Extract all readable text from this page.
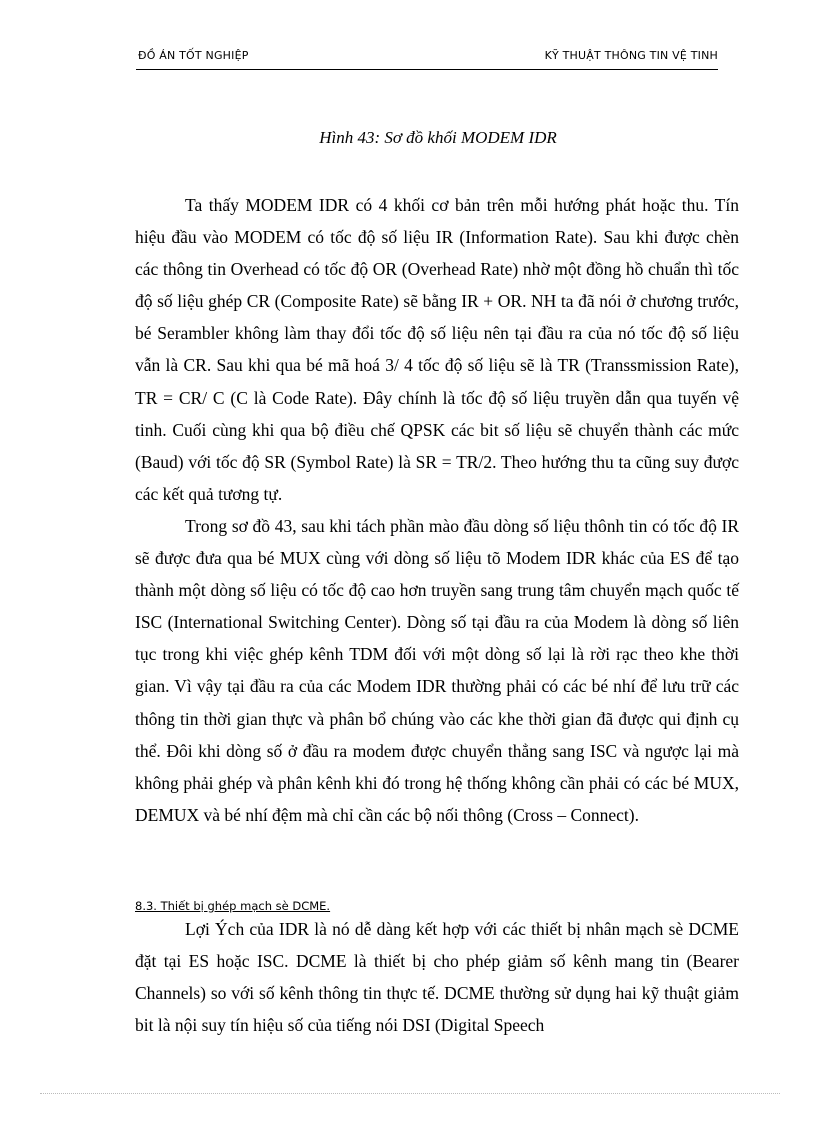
ĐỒ ÁN TỐT NGHIỆP	KỸ THUẬT THÔNG TIN VỆ TINH
Hình 43: Sơ đồ khối MODEM IDR

Ta thấy MODEM IDR có 4 khối cơ bản trên mỗi hướng phát hoặc thu. Tín hiệu đầu vào MODEM có tốc độ số liệu IR (Information Rate). Sau khi được chèn các thông tin Overhead có tốc độ OR (Overhead Rate) nhờ một đồng hồ chuẩn thì tốc độ số liệu ghép CR (Composite Rate) sẽ bằng IR + OR. NH ta đã nói ở chương trước, bé Serambler không làm thay đổi tốc độ số liệu nên tại đầu ra của nó tốc độ số liệu vẫn là CR. Sau khi qua bé mã hoá 3/ 4 tốc độ số liệu sẽ là TR (Transsmission Rate), TR = CR/ C (C là Code Rate). Đây chính là tốc độ số liệu truyền dẫn qua tuyến vệ tinh. Cuối cùng khi qua bộ điều chế QPSK các bit số liệu sẽ chuyển thành các mức (Baud) với tốc độ SR (Symbol Rate) là SR = TR/2. Theo hướng thu ta cũng suy được các kết quả tương tự.

Trong sơ đồ 43, sau khi tách phần mào đầu dòng số liệu thônh tin có tốc độ IR sẽ được đưa qua bé MUX cùng với dòng số liệu tõ Modem IDR khác của ES để tạo thành một dòng số liệu có tốc độ cao hơn truyền sang trung tâm chuyển mạch quốc tế ISC (International Switching Center). Dòng số tại đầu ra của Modem là dòng số liên tục trong khi việc ghép kênh TDM đối với một dòng số lại là rời rạc theo khe thời gian. Vì vậy tại đầu ra của các Modem IDR thường phải có các bé nhí để lưu trữ các thông tin thời gian thực và phân bổ chúng vào các khe thời gian đã được qui định cụ thể. Đôi khi dòng số ở đầu ra modem được chuyển thẳng sang ISC và ngược lại mà không phải ghép và phân kênh khi đó trong hệ thống không cần phải có các bé MUX, DEMUX và bé nhí đệm mà chỉ cần các bộ nối thông (Cross – Connect).

8.3. Thiết bị ghép mạch sè DCME.

Lợi Ých của IDR là nó dễ dàng kết hợp với các thiết bị nhân mạch sè DCME đặt tại ES hoặc ISC. DCME là thiết bị cho phép giảm số kênh mang tin (Bearer Channels) so với số kênh thông tin thực tế. DCME thường sử dụng hai kỹ thuật giảm bit là nội suy tín hiệu số của tiếng nói DSI (Digital Speech
